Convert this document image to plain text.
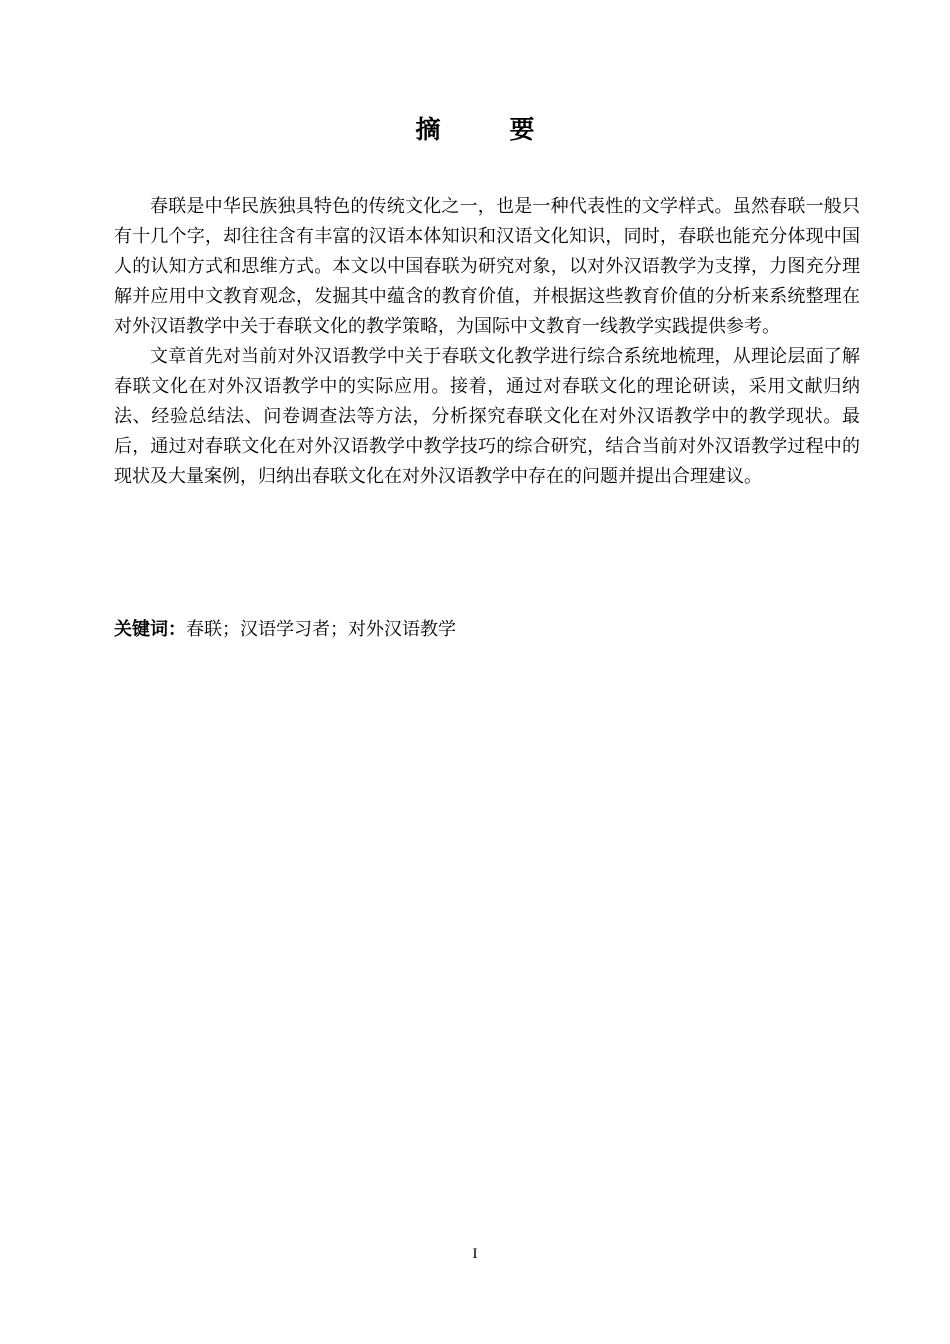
摘　要

春联是中华民族独具特色的传统文化之一，也是一种代表性的文学样式。虽然春联一般只有十几个字，却往往含有丰富的汉语本体知识和汉语文化知识，同时，春联也能充分体现中国人的认知方式和思维方式。本文以中国春联为研究对象，以对外汉语教学为支撑，力图充分理解并应用中文教育观念，发掘其中蕴含的教育价值，并根据这些教育价值的分析来系统整理在对外汉语教学中关于春联文化的教学策略，为国际中文教育一线教学实践提供参考。

文章首先对当前对外汉语教学中关于春联文化教学进行综合系统地梳理，从理论层面了解春联文化在对外汉语教学中的实际应用。接着，通过对春联文化的理论研读，采用文献归纳法、经验总结法、问卷调查法等方法，分析探究春联文化在对外汉语教学中的教学现状。最后，通过对春联文化在对外汉语教学中教学技巧的综合研究，结合当前对外汉语教学过程中的现状及大量案例，归纳出春联文化在对外汉语教学中存在的问题并提出合理建议。

关键词：春联；汉语学习者；对外汉语教学
I
